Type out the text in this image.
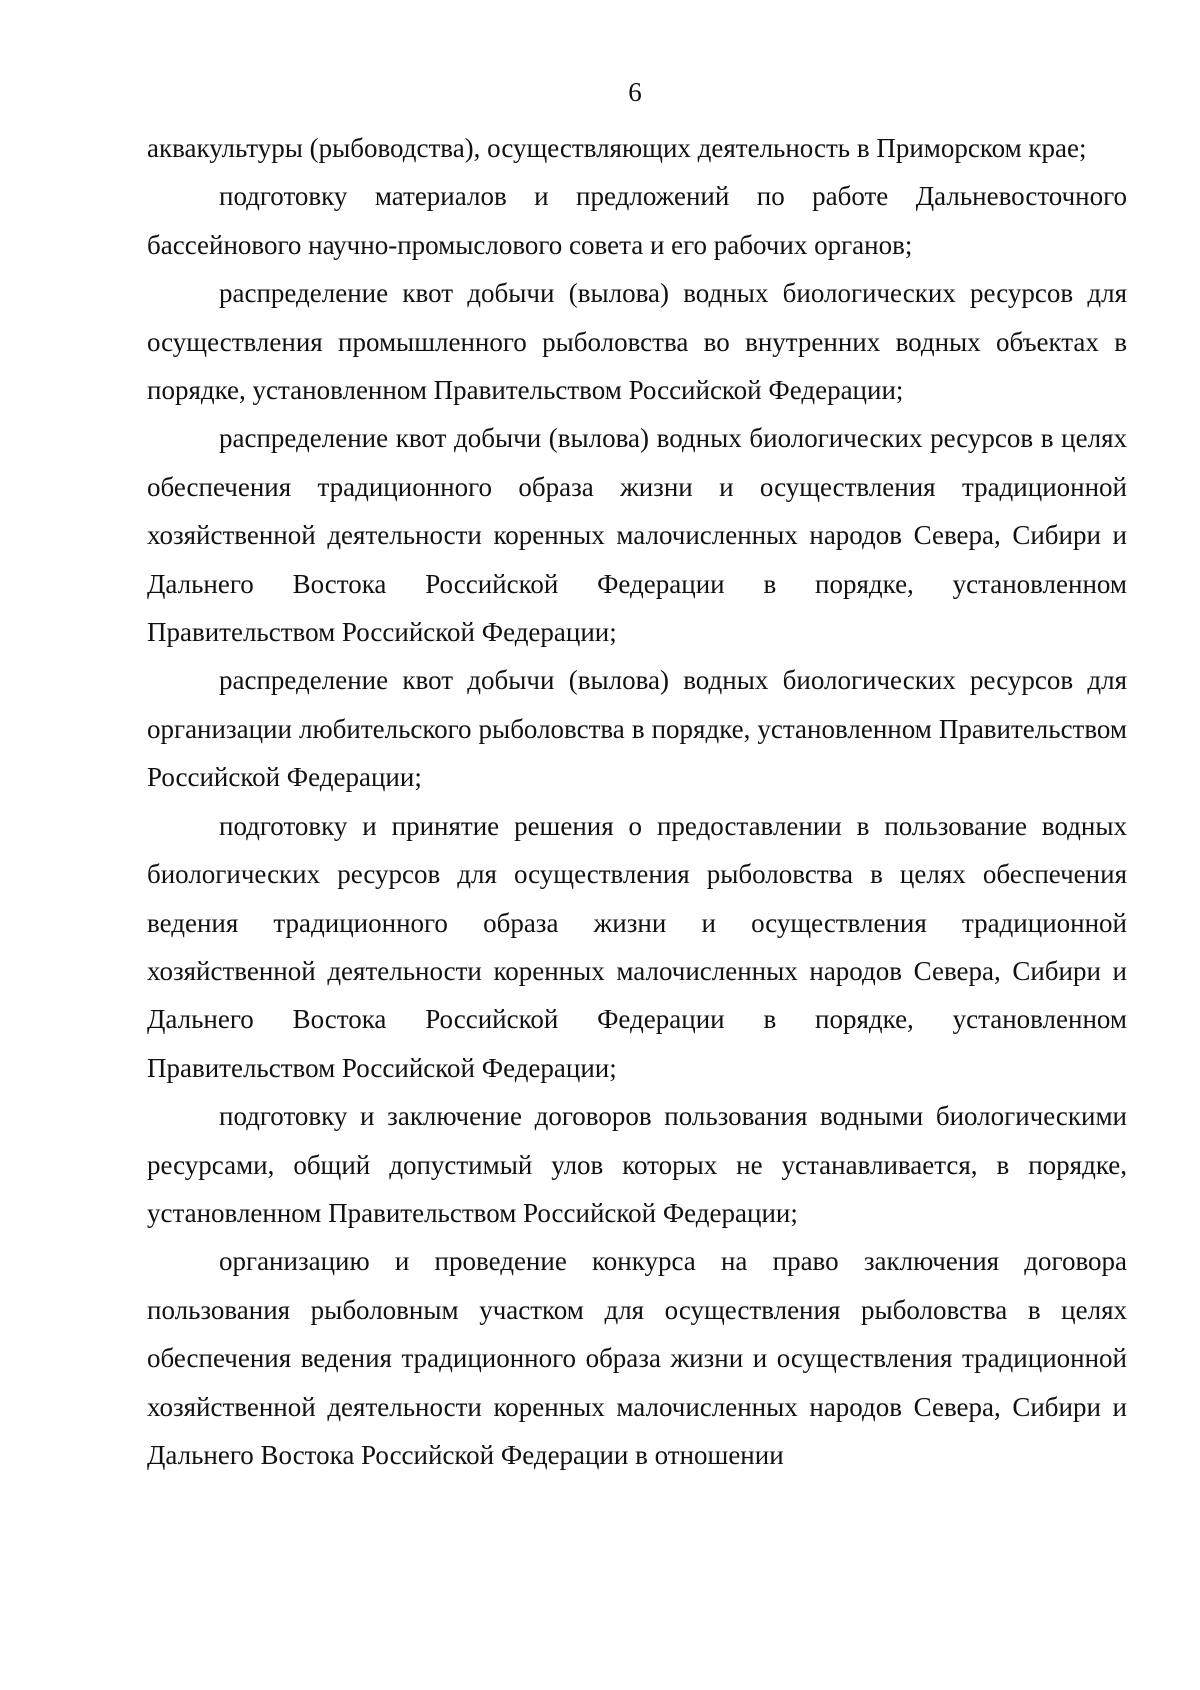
6

аквакультуры (рыбоводства), осуществляющих деятельность в Приморском крае;

подготовку материалов и предложений по работе Дальневосточного бассейнового научно-промыслового совета и его рабочих органов;

распределение квот добычи (вылова) водных биологических ресурсов для осуществления промышленного рыболовства во внутренних водных объектах в порядке, установленном Правительством Российской Федерации;

распределение квот добычи (вылова) водных биологических ресурсов в целях обеспечения традиционного образа жизни и осуществления традиционной хозяйственной деятельности коренных малочисленных народов Севера, Сибири и Дальнего Востока Российской Федерации в порядке, установленном Правительством Российской Федерации;

распределение квот добычи (вылова) водных биологических ресурсов для организации любительского рыболовства в порядке, установленном Правительством Российской Федерации;

подготовку и принятие решения о предоставлении в пользование водных биологических ресурсов для осуществления рыболовства в целях обеспечения ведения традиционного образа жизни и осуществления традиционной хозяйственной деятельности коренных малочисленных народов Севера, Сибири и Дальнего Востока Российской Федерации в порядке, установленном Правительством Российской Федерации;

подготовку и заключение договоров пользования водными биологическими ресурсами, общий допустимый улов которых не устанавливается, в порядке, установленном Правительством Российской Федерации;

организацию и проведение конкурса на право заключения договора пользования рыболовным участком для осуществления рыболовства в целях обеспечения ведения традиционного образа жизни и осуществления традиционной хозяйственной деятельности коренных малочисленных народов Севера, Сибири и Дальнего Востока Российской Федерации в отношении
